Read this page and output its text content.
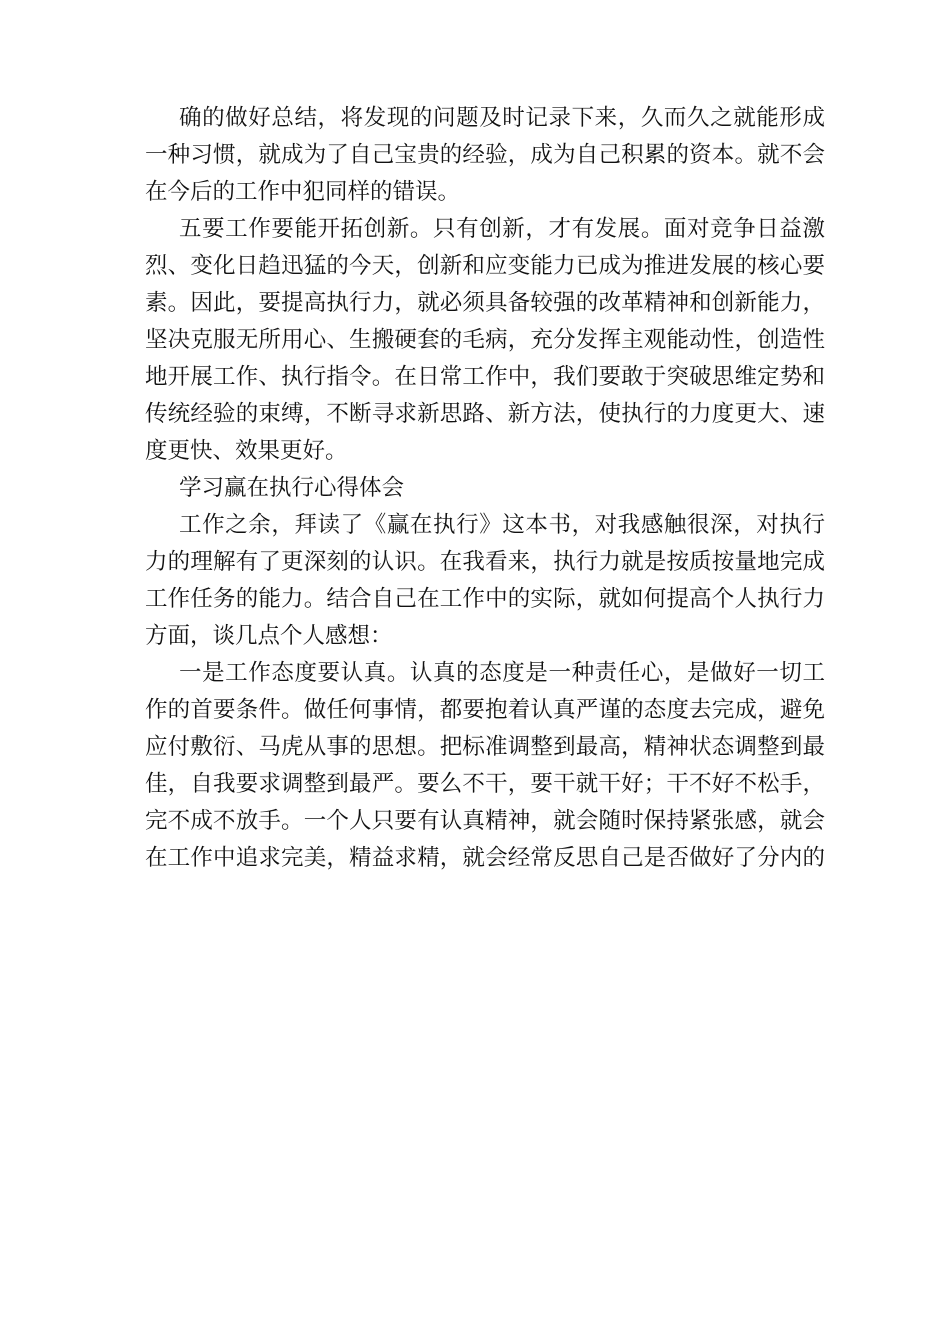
确的做好总结，将发现的问题及时记录下来，久而久之就能形成
一种习惯，就成为了自己宝贵的经验，成为自己积累的资本。就不会
在今后的工作中犯同样的错误。
五要工作要能开拓创新。只有创新，才有发展。面对竞争日益激
烈、变化日趋迅猛的今天，创新和应变能力已成为推进发展的核心要
素。因此，要提高执行力，就必须具备较强的改革精神和创新能力，
坚决克服无所用心、生搬硬套的毛病，充分发挥主观能动性，创造性
地开展工作、执行指令。在日常工作中，我们要敢于突破思维定势和
传统经验的束缚，不断寻求新思路、新方法，使执行的力度更大、速
度更快、效果更好。
学习赢在执行心得体会
工作之余，拜读了《赢在执行》这本书，对我感触很深，对执行
力的理解有了更深刻的认识。在我看来，执行力就是按质按量地完成
工作任务的能力。结合自己在工作中的实际，就如何提高个人执行力
方面，谈几点个人感想：
一是工作态度要认真。认真的态度是一种责任心，是做好一切工
作的首要条件。做任何事情，都要抱着认真严谨的态度去完成，避免
应付敷衍、马虎从事的思想。把标准调整到最高，精神状态调整到最
佳，自我要求调整到最严。要么不干，要干就干好；干不好不松手，
完不成不放手。一个人只要有认真精神，就会随时保持紧张感，就会
在工作中追求完美，精益求精，就会经常反思自己是否做好了分内的
